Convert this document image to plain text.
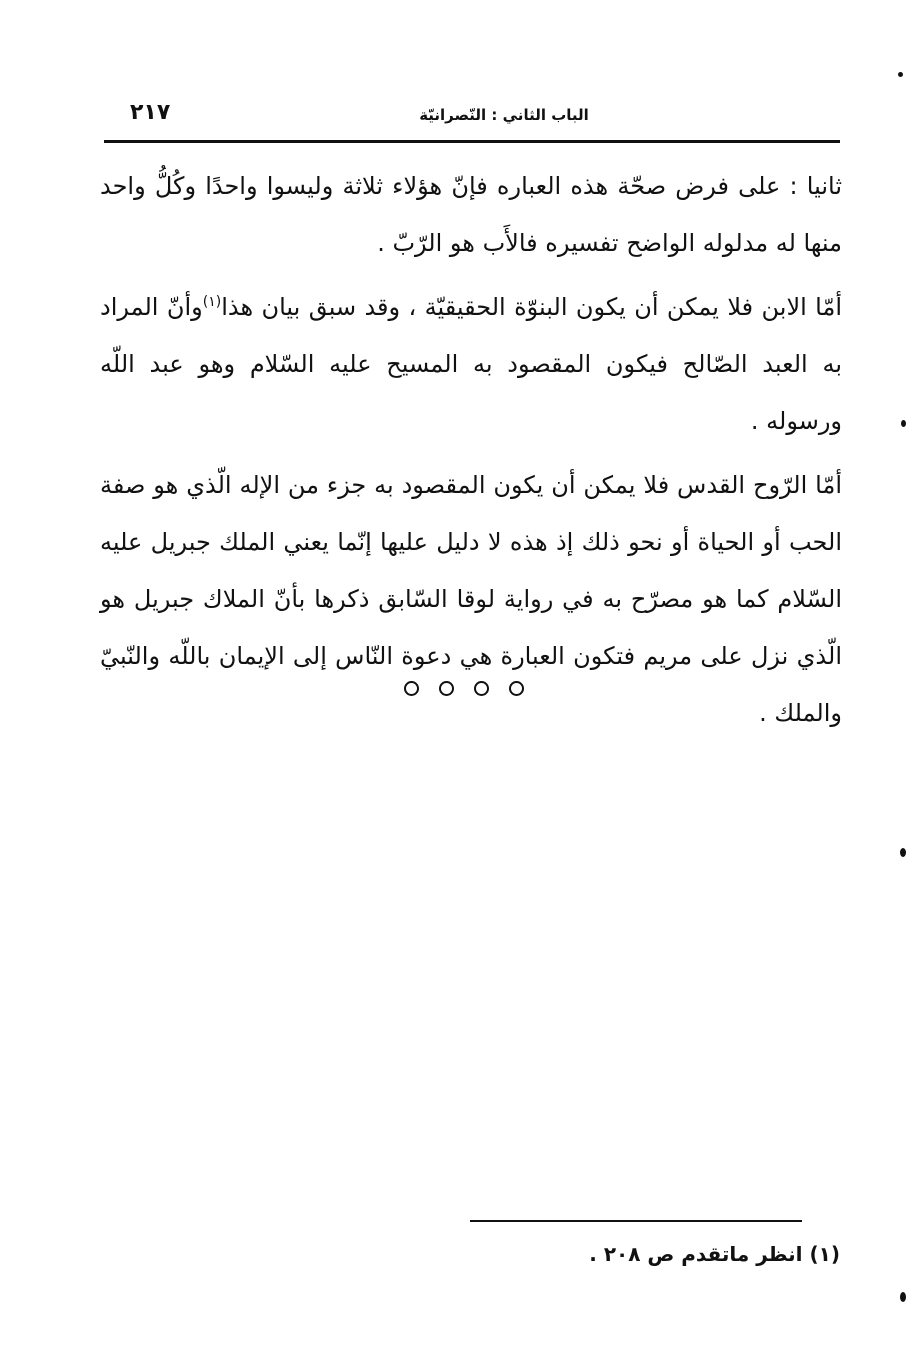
٢١٧	الباب الثاني : النّصرانيّة

ثانيا : على فرض صحّة هذه العباره فإنّ هؤلاء ثلاثة وليسوا واحدًا وكُلُّ واحد منها له مدلوله الواضح تفسيره فالأَب هو الرّبّ .

أمّا الابن فلا يمكن أن يكون البنوّة الحقيقيّة ، وقد سبق بيان هذا$^{(١)}$وأنّ المراد به العبد الصّالح فيكون المقصود به المسيح عليه السّلام وهو عبد اللّه ورسوله .

أمّا الرّوح القدس فلا يمكن أن يكون المقصود به جزء من الإله الّذي هو صفة الحب أو الحياة أو نحو ذلك إذ هذه لا دليل عليها إنّما يعني الملك جبريل عليه السّلام كما هو مصرّح به في رواية لوقا السّابق ذكرها بأنّ الملاك جبريل هو الّذي نزل على مريم فتكون العبارة هي دعوة النّاس إلى الإيمان باللّه والنّبيّ والملك .

(١) انظر ماتقدم ص ٢٠٨ .
